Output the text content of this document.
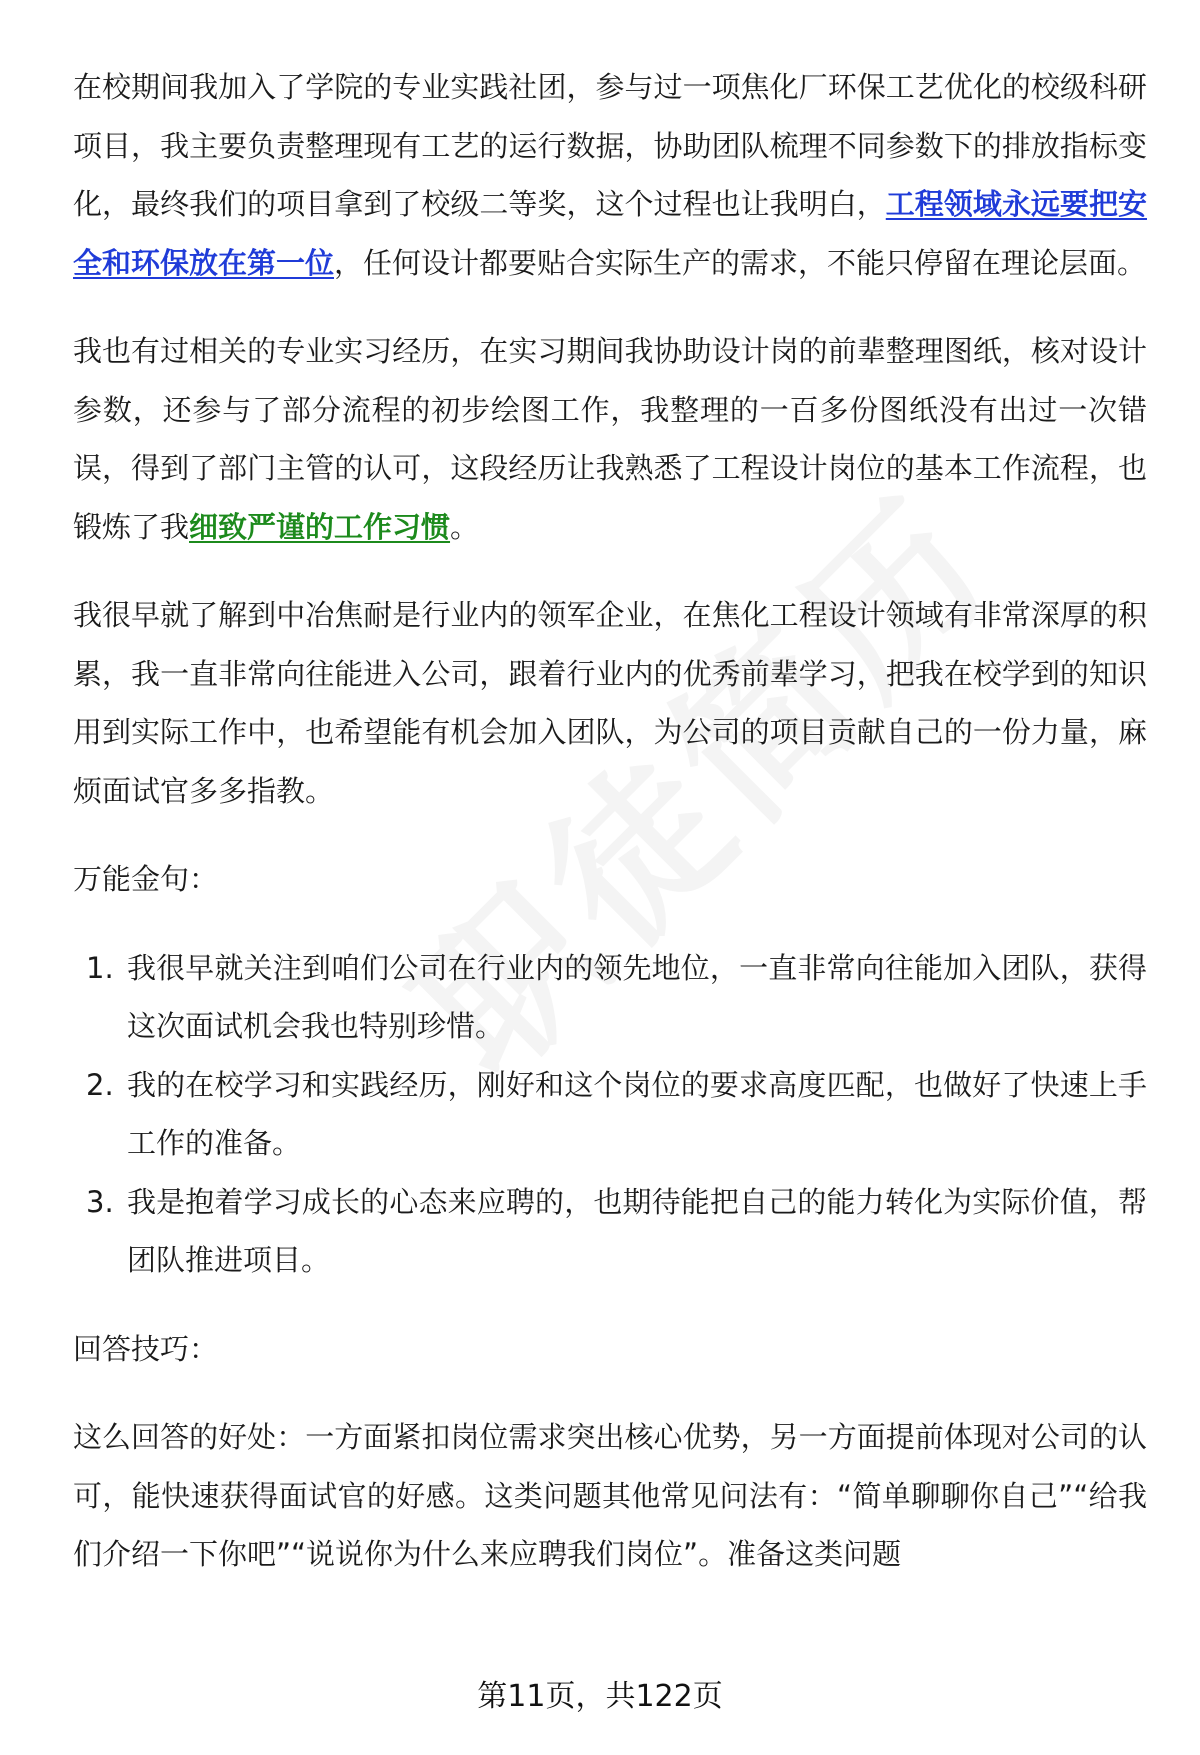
在校期间我加入了学院的专业实践社团，参与过一项焦化厂环保工艺优化的校级科研项目，我主要负责整理现有工艺的运行数据，协助团队梳理不同参数下的排放指标变化，最终我们的项目拿到了校级二等奖，这个过程也让我明白，工程领域永远要把安全和环保放在第一位，任何设计都要贴合实际生产的需求，不能只停留在理论层面。

我也有过相关的专业实习经历，在实习期间我协助设计岗的前辈整理图纸，核对设计参数，还参与了部分流程的初步绘图工作，我整理的一百多份图纸没有出过一次错误，得到了部门主管的认可，这段经历让我熟悉了工程设计岗位的基本工作流程，也锻炼了我细致严谨的工作习惯。

我很早就了解到中冶焦耐是行业内的领军企业，在焦化工程设计领域有非常深厚的积累，我一直非常向往能进入公司，跟着行业内的优秀前辈学习，把我在校学到的知识用到实际工作中，也希望能有机会加入团队，为公司的项目贡献自己的一份力量，麻烦面试官多多指教。

万能金句：

1. 我很早就关注到咱们公司在行业内的领先地位，一直非常向往能加入团队，获得这次面试机会我也特别珍惜。
2. 我的在校学习和实践经历，刚好和这个岗位的要求高度匹配，也做好了快速上手工作的准备。
3. 我是抱着学习成长的心态来应聘的，也期待能把自己的能力转化为实际价值，帮团队推进项目。

回答技巧：

这么回答的好处：一方面紧扣岗位需求突出核心优势，另一方面提前体现对公司的认可，能快速获得面试官的好感。这类问题其他常见问法有：“简单聊聊你自己”“给我们介绍一下你吧”“说说你为什么来应聘我们岗位”。准备这类问题

第11页，共122页
